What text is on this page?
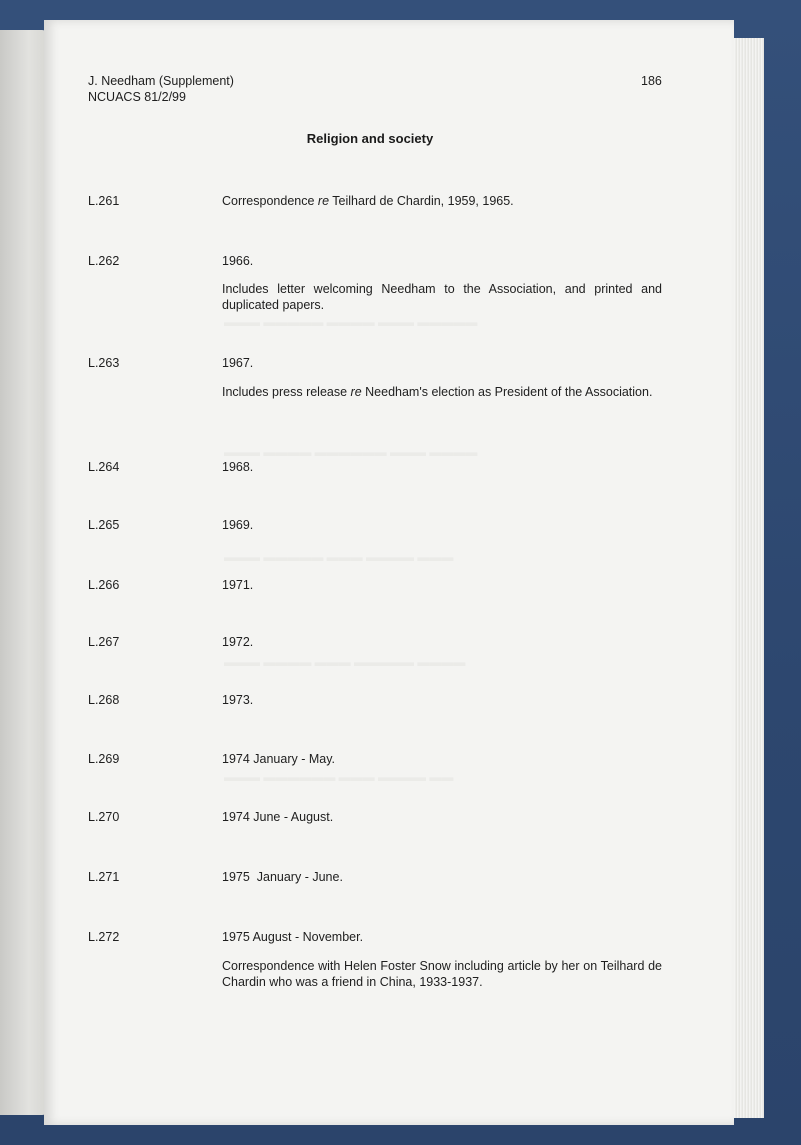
▬▬▬ ▬▬▬▬▬ ▬▬▬▬ ▬▬▬ ▬▬▬▬▬
▬▬▬ ▬▬▬▬ ▬▬▬▬▬▬ ▬▬▬ ▬▬▬▬
▬▬▬ ▬▬▬▬▬ ▬▬▬ ▬▬▬▬ ▬▬▬
▬▬▬ ▬▬▬▬ ▬▬▬ ▬▬▬▬▬ ▬▬▬▬
▬▬▬ ▬▬▬▬▬▬ ▬▬▬ ▬▬▬▬ ▬▬
J. Needham (Supplement)
NCUACS 81/2/99
186
Religion and society
L.261	Correspondence re Teilhard de Chardin, 1959, 1965.
L.262	1966.
Includes letter welcoming Needham to the Association, and printed and duplicated papers.
L.263	1967.
Includes press release re Needham's election as President of the Association.
L.264	1968.
L.265	1969.
L.266	1971.
L.267	1972.
L.268	1973.
L.269	1974 January - May.
L.270	1974 June - August.
L.271	1975  January - June.
L.272	1975 August - November.
Correspondence with Helen Foster Snow including article by her on Teilhard de Chardin who was a friend in China, 1933-1937.
